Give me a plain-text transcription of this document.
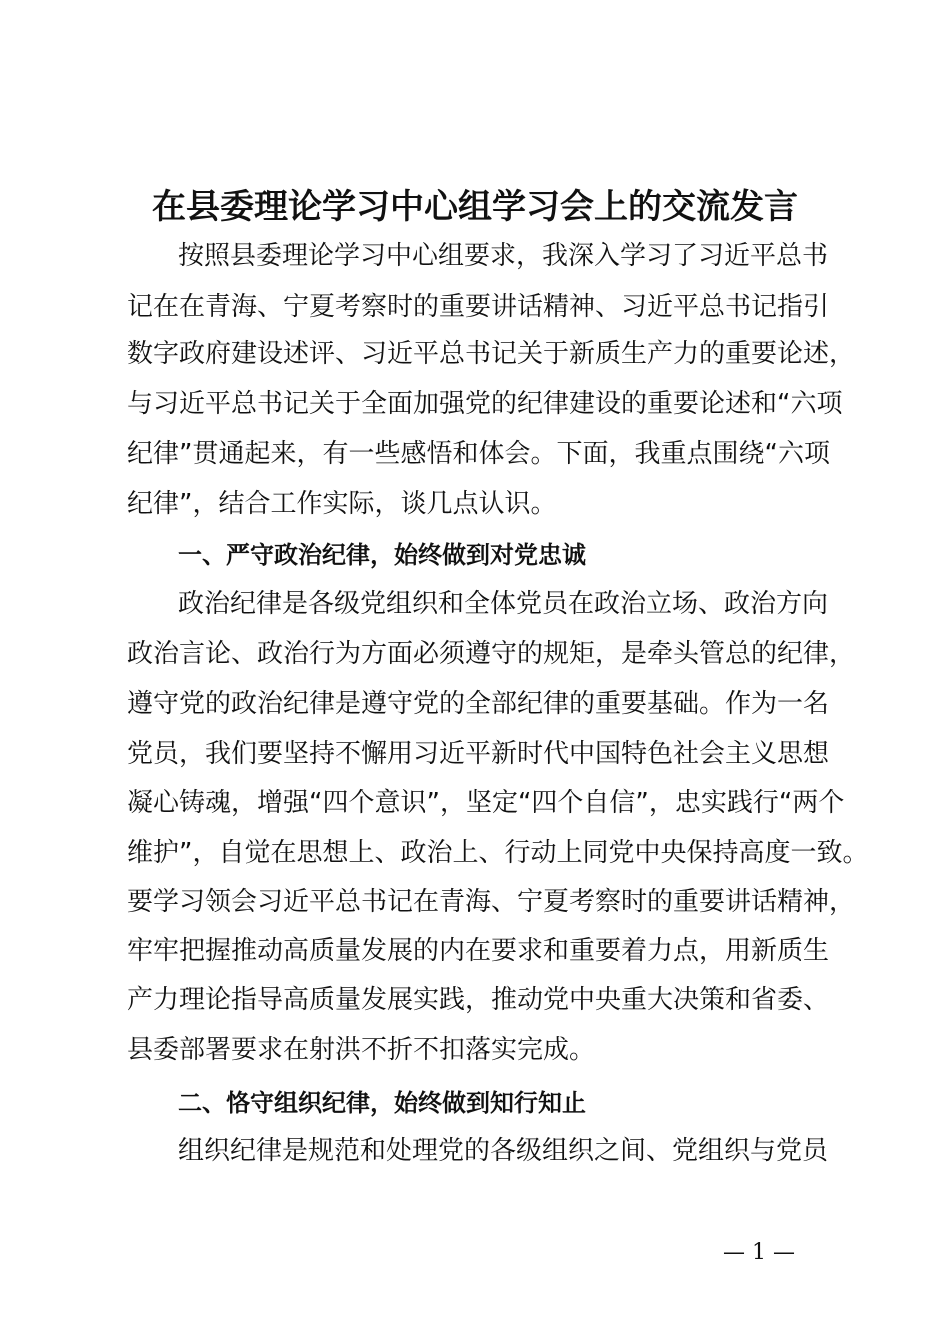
在县委理论学习中心组学习会上的交流发言
按照县委理论学习中心组要求，我深入学习了习近平总书
记在在青海、宁夏考察时的重要讲话精神、习近平总书记指引
数字政府建设述评、习近平总书记关于新质生产力的重要论述，
与习近平总书记关于全面加强党的纪律建设的重要论述和“六项
纪律”贯通起来，有一些感悟和体会。下面，我重点围绕“六项
纪律”，结合工作实际，谈几点认识。
一、严守政治纪律，始终做到对党忠诚
政治纪律是各级党组织和全体党员在政治立场、政治方向
政治言论、政治行为方面必须遵守的规矩，是牵头管总的纪律，
遵守党的政治纪律是遵守党的全部纪律的重要基础。作为一名
党员，我们要坚持不懈用习近平新时代中国特色社会主义思想
凝心铸魂，增强“四个意识”，坚定“四个自信”，忠实践行“两个
维护”，自觉在思想上、政治上、行动上同党中央保持高度一致。
要学习领会习近平总书记在青海、宁夏考察时的重要讲话精神，
牢牢把握推动高质量发展的内在要求和重要着力点，用新质生
产力理论指导高质量发展实践，推动党中央重大决策和省委、
县委部署要求在射洪不折不扣落实完成。
二、恪守组织纪律，始终做到知行知止
组织纪律是规范和处理党的各级组织之间、党组织与党员
— 1 —
